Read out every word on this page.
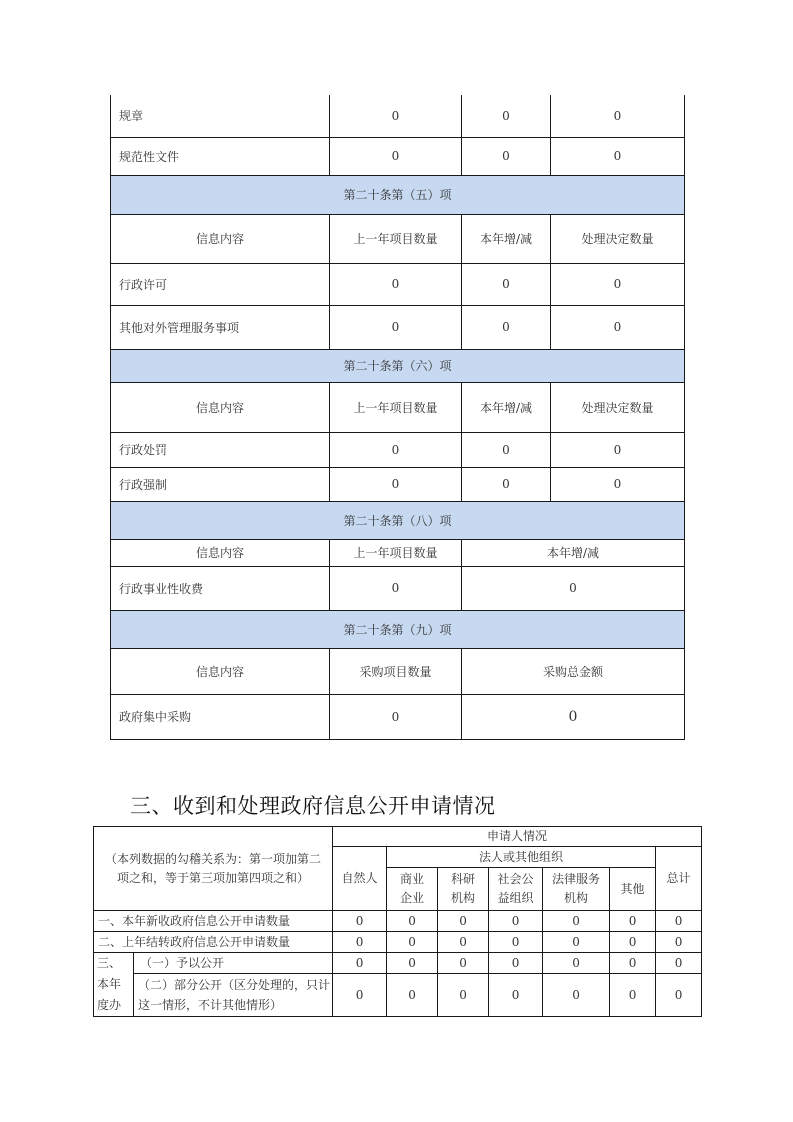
规章	0	0	0
规范性文件	0	0	0
第二十条第（五）项			
信息内容	上一年项目数量	本年增/减	处理决定数量
行政许可	0	0	0
其他对外管理服务事项	0	0	0
第二十条第（六）项			
信息内容	上一年项目数量	本年增/减	处理决定数量
行政处罚	0	0	0
行政强制	0	0	0
第二十条第（八）项			
信息内容	上一年项目数量	本年增/减	
行政事业性收费	0	0	
第二十条第（九）项			
信息内容	采购项目数量	采购总金额	
政府集中采购	0	0	
三、收到和处理政府信息公开申请情况
（本列数据的勾稽关系为：第一项加第二项之和，等于第三项加第四项之和）		申请人情况						
		自然人	法人或其他组织					总计
			商业企业	科研机构	社会公益组织	法律服务机构	其他	
一、本年新收政府信息公开申请数量		0	0	0	0	0	0	0
二、上年结转政府信息公开申请数量		0	0	0	0	0	0	0
三、本年度办	（一）予以公开	0	0	0	0	0	0	0
	（二）部分公开（区分处理的，只计这一情形，不计其他情形）	0	0	0	0	0	0	0
